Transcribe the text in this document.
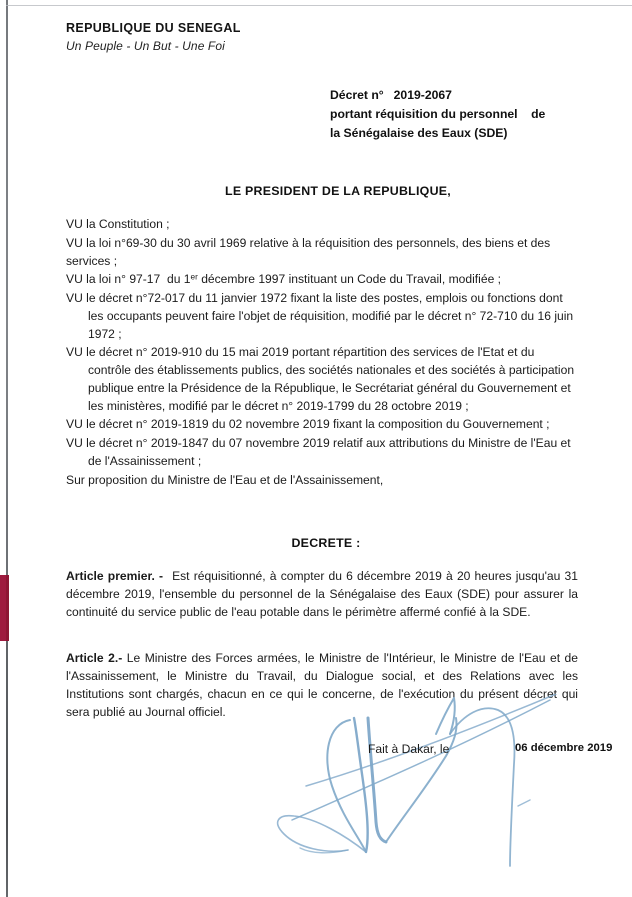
REPUBLIQUE DU SENEGAL
Un Peuple - Un But - Une Foi
Décret n° 2019-2067
portant réquisition du personnel    de
la Sénégalaise des Eaux (SDE)
LE PRESIDENT DE LA REPUBLIQUE,

VU la Constitution ;

VU la loi n°69-30 du 30 avril 1969 relative à la réquisition des personnels, des biens et des services ;

VU la loi n° 97-17  du 1er décembre 1997 instituant un Code du Travail, modifiée ;

VU le décret n°72-017 du 11 janvier 1972 fixant la liste des postes, emplois ou fonctions dont les occupants peuvent faire l'objet de réquisition, modifié par le décret n° 72-710 du 16 juin 1972 ;

VU le décret n° 2019-910 du 15 mai 2019 portant répartition des services de l'Etat et du contrôle des établissements publics, des sociétés nationales et des sociétés à participation publique entre la Présidence de la République, le Secrétariat général du Gouvernement et les ministères, modifié par le décret n° 2019-1799 du 28 octobre 2019 ;

VU le décret n° 2019-1819 du 02 novembre 2019 fixant la composition du Gouvernement ;

VU le décret n° 2019-1847 du 07 novembre 2019 relatif aux attributions du Ministre de l'Eau et de l'Assainissement ;

Sur proposition du Ministre de l'Eau et de l'Assainissement,

DECRETE :
Article premier. - Est réquisitionné, à compter du 6 décembre 2019 à 20 heures jusqu'au 31 décembre 2019, l'ensemble du personnel de la Sénégalaise des Eaux (SDE) pour assurer la continuité du service public de l'eau potable dans le périmètre affermé confié à la SDE.
Article 2.- Le Ministre des Forces armées, le Ministre de l'Intérieur, le Ministre de l'Eau et de l'Assainissement, le Ministre du Travail, du Dialogue social, et des Relations avec les Institutions sont chargés, chacun en ce qui le concerne, de l'exécution du présent décret qui sera publié au Journal officiel.
Fait à Dakar, le	06 décembre 2019
